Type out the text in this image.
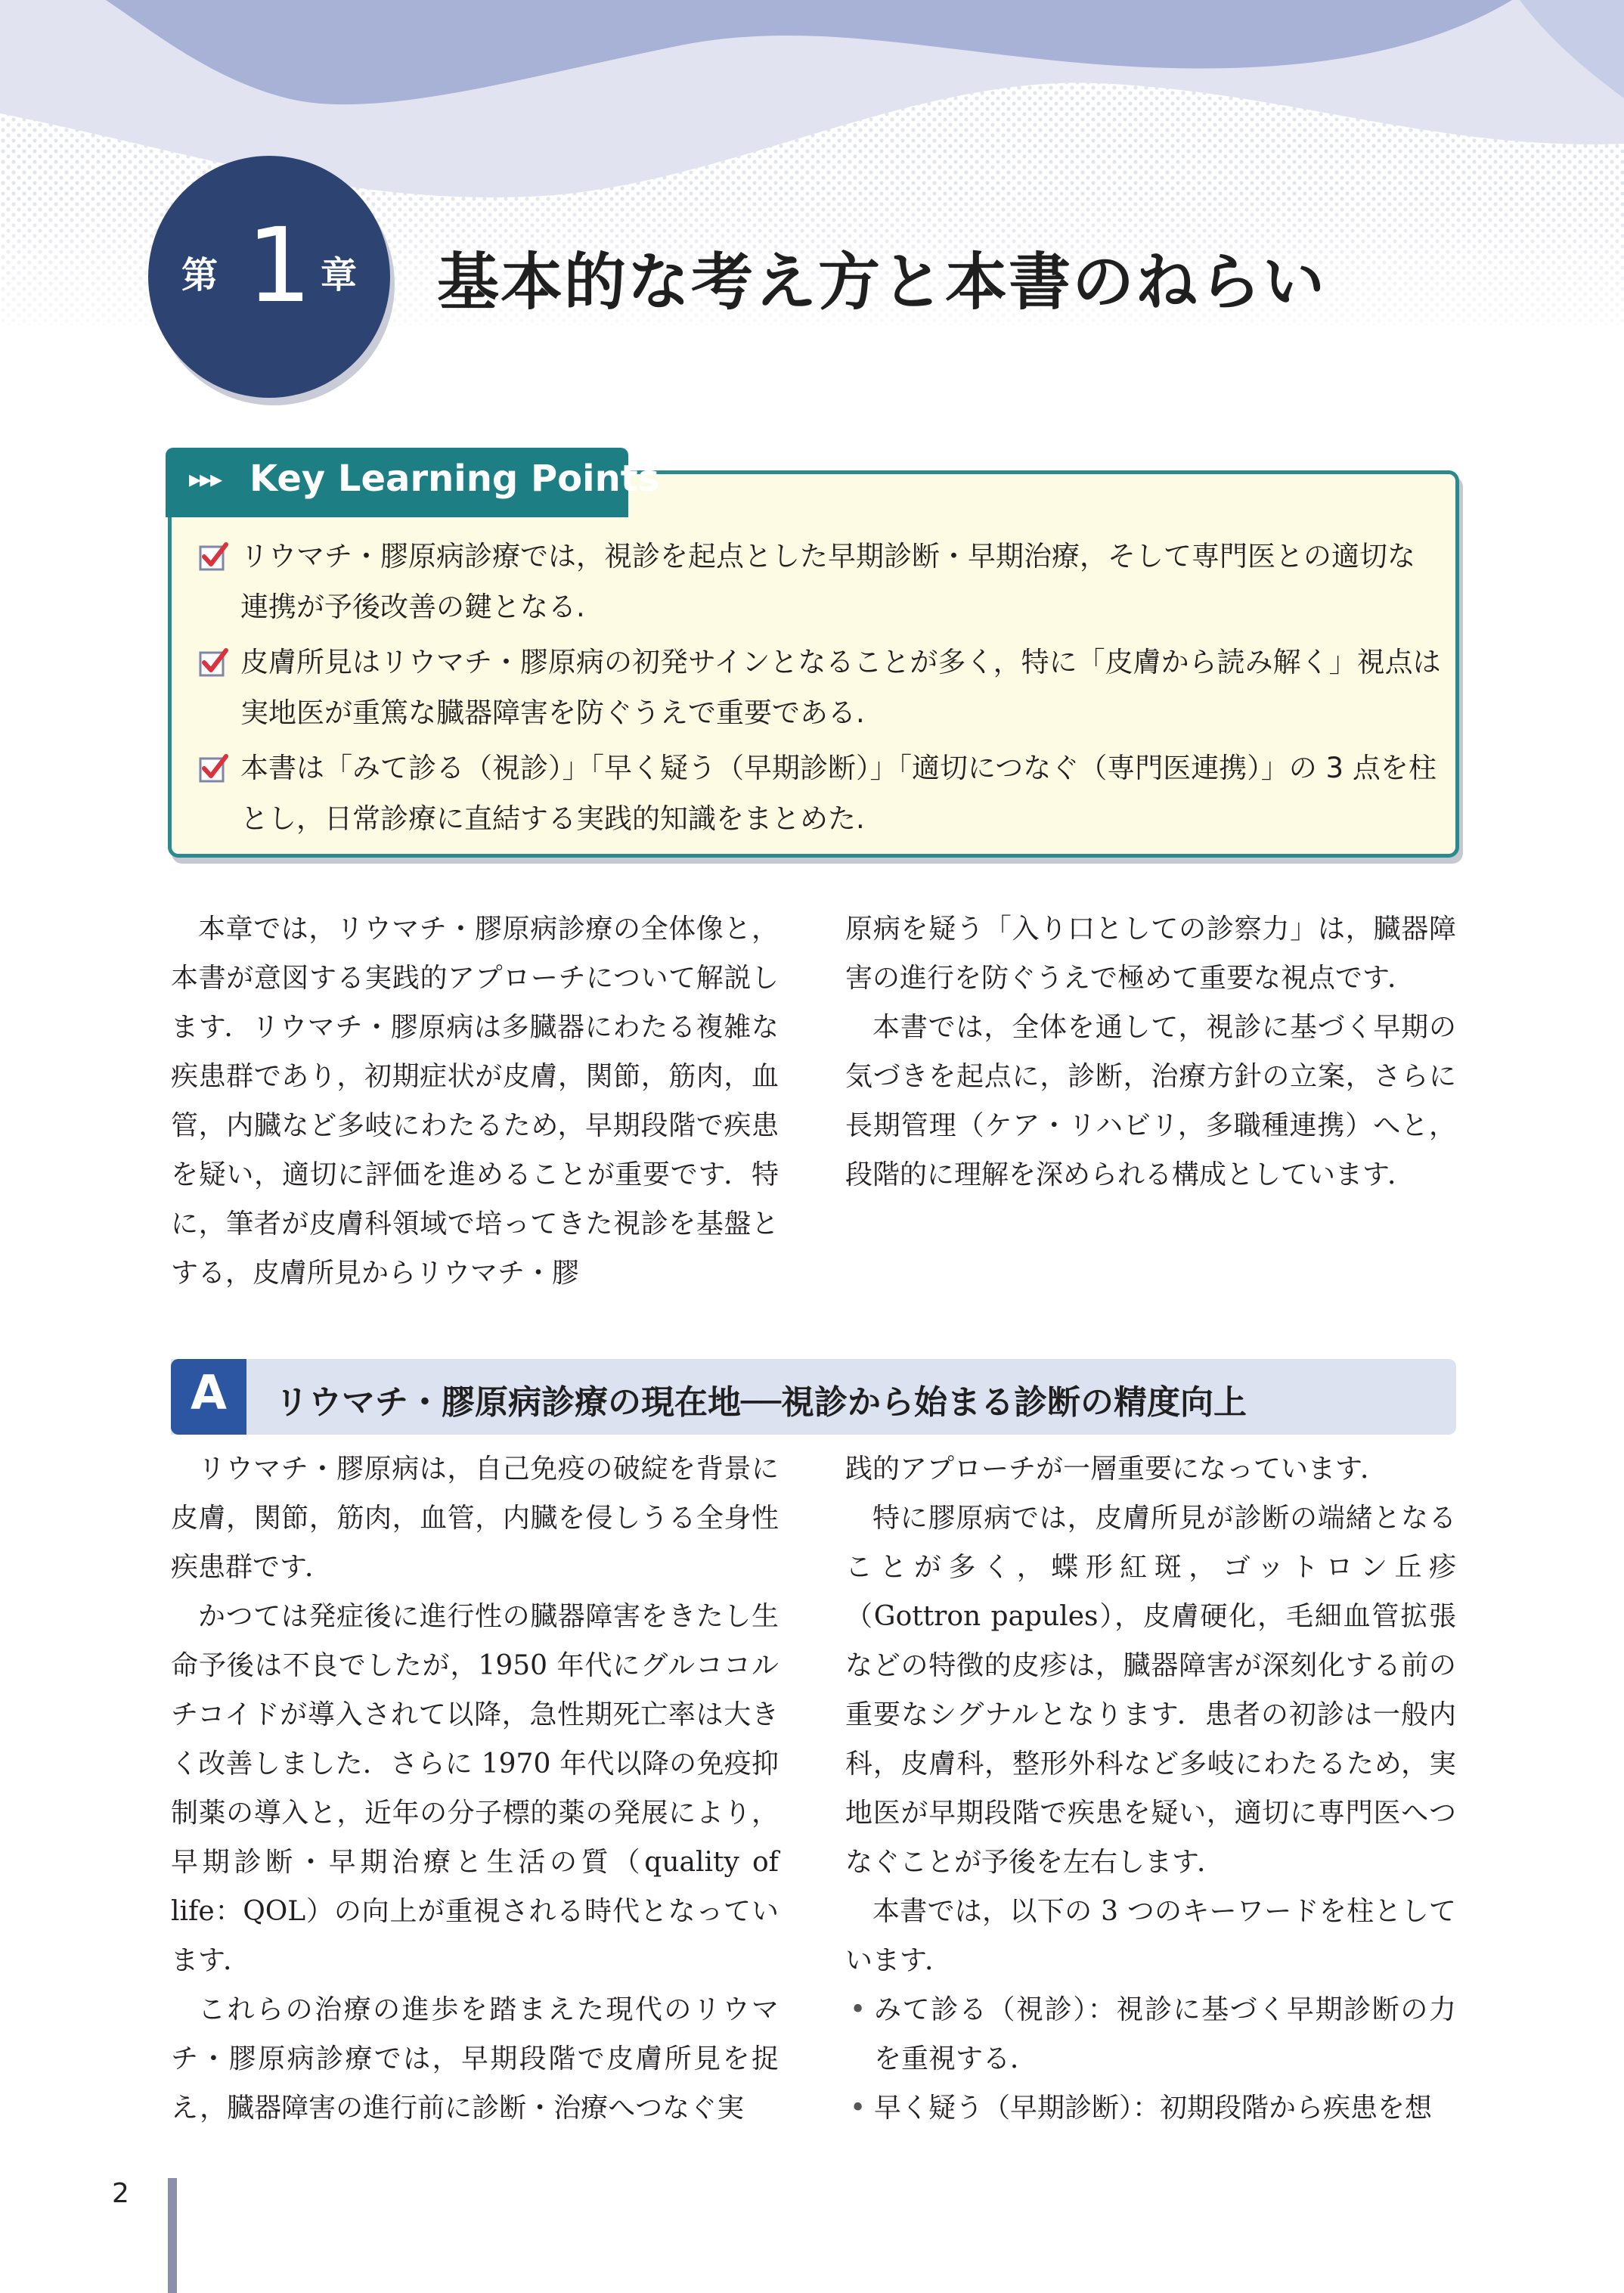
第 1 章 基本的な考え方と本書のねらい
▸▸▸ Key Learning Points
リウマチ・膠原病診療では，視診を起点とした早期診断・早期治療，そして専門医との適切な連携が予後改善の鍵となる.
皮膚所見はリウマチ・膠原病の初発サインとなることが多く，特に「皮膚から読み解く」視点は実地医が重篤な臓器障害を防ぐうえで重要である.
本書は「みて診る（視診）」「早く疑う（早期診断）」「適切につなぐ（専門医連携）」の 3 点を柱とし，日常診療に直結する実践的知識をまとめた.

本章では，リウマチ・膠原病診療の全体像と，本書が意図する実践的アプローチについて解説します．リウマチ・膠原病は多臓器にわたる複雑な疾患群であり，初期症状が皮膚，関節，筋肉，血管，内臓など多岐にわたるため，早期段階で疾患を疑い，適切に評価を進めることが重要です．特に，筆者が皮膚科領域で培ってきた視診を基盤とする，皮膚所見からリウマチ・膠

原病を疑う「入り口としての診察力」は，臓器障害の進行を防ぐうえで極めて重要な視点です．

本書では，全体を通して，視診に基づく早期の気づきを起点に，診断，治療方針の立案，さらに長期管理（ケア・リハビリ，多職種連携）へと，段階的に理解を深められる構成としています．

A	リウマチ・膠原病診療の現在地──視診から始まる診断の精度向上

リウマチ・膠原病は，自己免疫の破綻を背景に皮膚，関節，筋肉，血管，内臓を侵しうる全身性疾患群です．

かつては発症後に進行性の臓器障害をきたし生命予後は不良でしたが，1950 年代にグルココルチコイドが導入されて以降，急性期死亡率は大きく改善しました．さらに 1970 年代以降の免疫抑制薬の導入と，近年の分子標的薬の発展により，早期診断・早期治療と生活の質（quality of life：QOL）の向上が重視される時代となっています．

これらの治療の進歩を踏まえた現代のリウマチ・膠原病診療では，早期段階で皮膚所見を捉え，臓器障害の進行前に診断・治療へつなぐ実

践的アプローチが一層重要になっています．

特に膠原病では，皮膚所見が診断の端緒となることが多く，蝶形紅斑，ゴットロン丘疹（Gottron papules），皮膚硬化，毛細血管拡張などの特徴的皮疹は，臓器障害が深刻化する前の重要なシグナルとなります．患者の初診は一般内科，皮膚科，整形外科など多岐にわたるため，実地医が早期段階で疾患を疑い，適切に専門医へつなぐことが予後を左右します．

本書では，以下の 3 つのキーワードを柱としています．

• みて診る（視診）：視診に基づく早期診断の力を重視する．

• 早く疑う（早期診断）：初期段階から疾患を想

2
